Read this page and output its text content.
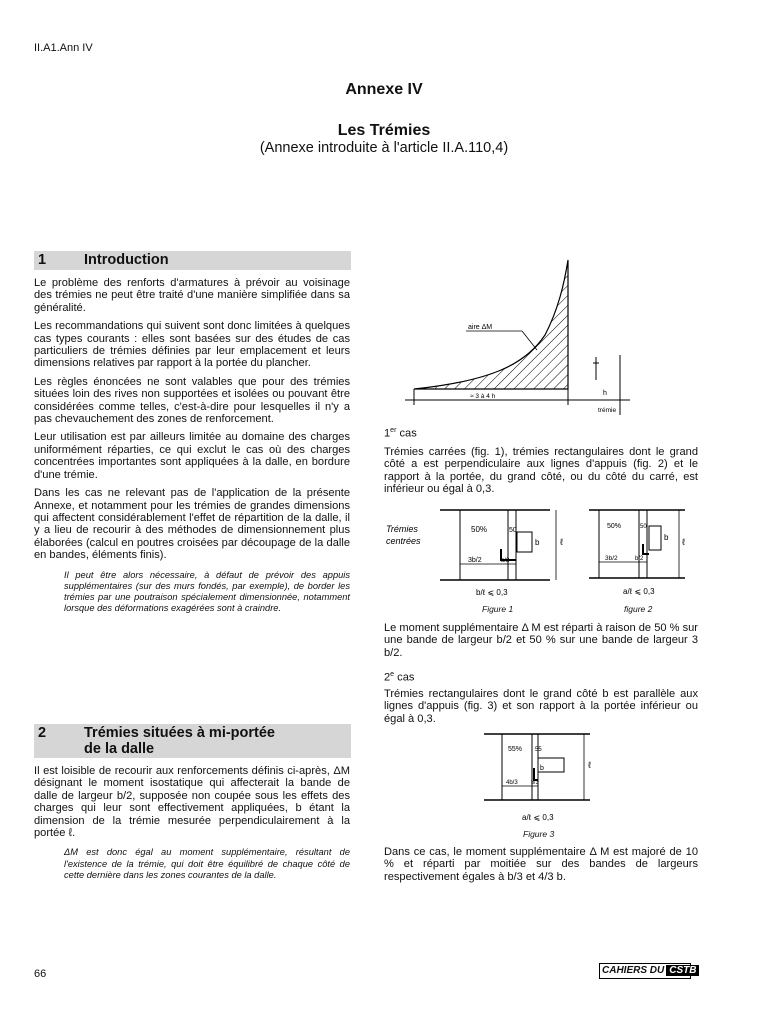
II.A1.Ann IV
Annexe IV
Les Trémies
(Annexe introduite à l'article II.A.110,4)
1	Introduction

Le problème des renforts d'armatures à prévoir au voisinage des trémies ne peut être traité d'une manière simplifiée dans sa généralité.

Les recommandations qui suivent sont donc limitées à quelques cas types courants : elles sont basées sur des études de cas particuliers de trémies définies par leur emplacement et leurs dimensions relatives par rapport à la portée du plancher.

Les règles énoncées ne sont valables que pour des trémies situées loin des rives non supportées et isolées ou pouvant être considérées comme telles, c'est-à-dire pour lesquelles il n'y a pas chevauchement des zones de renforcement.

Leur utilisation est par ailleurs limitée au domaine des charges uniformément réparties, ce qui exclut le cas où des charges concentrées importantes sont appliquées à la dalle, en bordure d'une trémie.

Dans les cas ne relevant pas de l'application de la présente Annexe, et notamment pour les trémies de grandes dimensions qui affectent considérablement l'effet de répartition de la dalle, il y a lieu de recourir à des méthodes de dimensionnement plus élaborées (calcul en poutres croisées par découpage de la dalle en bandes, éléments finis).

Il peut être alors nécessaire, à défaut de prévoir des appuis supplémentaires (sur des murs fondés, par exemple), de border les trémies par une poutraison spécialement dimensionnée, notamment lorsque des déformations exagérées sont à craindre.

2	Trémies situées à mi-portée
de la dalle

Il est loisible de recourir aux renforcements définis ci-après, ΔM désignant le moment isostatique qui affecterait la bande de dalle de largeur b/2, supposée non coupée sous les effets des charges qui leur sont effectivement appliquées, b étant la dimension de la trémie mesurée perpendiculairement à la portée ℓ.

ΔM est donc égal au moment supplémentaire, résultant de l'existence de la trémie, qui doit être équilibré de chaque côté de cette dernière dans les zones courantes de la dalle.

aire ΔM
≈ 3 à 4 h	h
trémie
1er cas

Trémies carrées (fig. 1), trémies rectangulaires dont le grand côté a est perpendiculaire aux lignes d'appuis (fig. 2) et le rapport à la portée, du grand côté, ou du côté du carré, est inférieur ou égal à 0,3.

Trémies
centrées
50%	50
b ℓ
3b/2	b/2
b/ℓ ⩽ 0,3
Figure 1
50%	50
b ℓ
3b/2	b/2
a/ℓ ⩽ 0,3
figure 2

Le moment supplémentaire Δ M est réparti à raison de 50 % sur une bande de largeur b/2 et 50 % sur une bande de largeur 3 b/2.

2e cas

Trémies rectangulaires dont le grand côté b est parallèle aux lignes d'appuis (fig. 3) et son rapport à la portée inférieur ou égal à 0,3.

55% 55
b	ℓ
4b/3 b/3
a/ℓ ⩽ 0,3
Figure 3

Dans ce cas, le moment supplémentaire Δ M est majoré de 10 % et réparti par moitiée sur des bandes de largeurs respectivement égales à b/3 et 4/3 b.

66	CAHIERS DU CSTB
